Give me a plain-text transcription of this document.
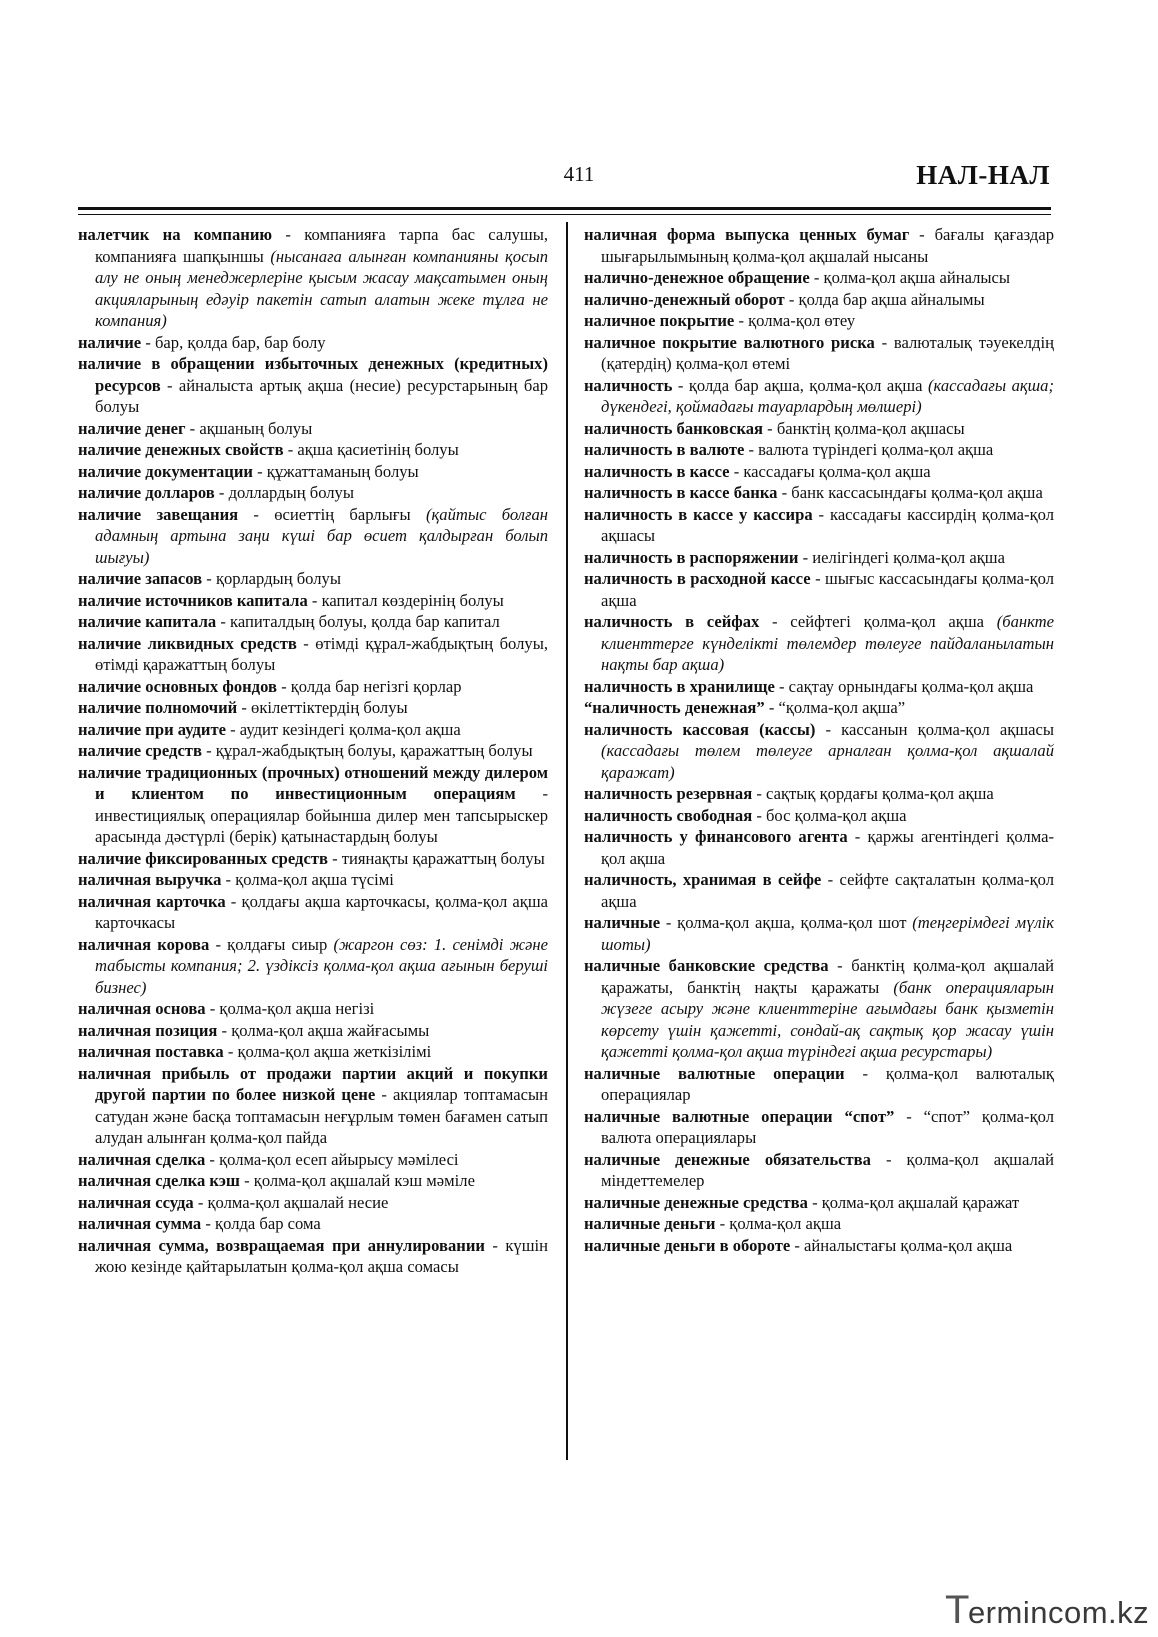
411	НАЛ-НАЛ

налетчик на компанию - компанияға тарпа бас салушы, компанияға шапқыншы (нысанаға алынған компанияны қосып алу не оның менеджерлеріне қысым жасау мақсатымен оның акцияларының едәуір пакетін сатып алатын жеке тұлға не компания)

наличие - бар, қолда бар, бар болу

наличие в обращении избыточных денежных (кредитных) ресурсов - айналыста артық ақша (несие) ресурстарының бар болуы

наличие денег - ақшаның болуы

наличие денежных свойств - ақша қасиетінің болуы

наличие документации - құжаттаманың болуы

наличие долларов - доллардың болуы

наличие завещания - өсиеттің барлығы (қайтыс болған адамның артына заңи күші бар өсиет қалдырған болып шығуы)

наличие запасов - қорлардың болуы

наличие источников капитала - капитал көздерінің болуы

наличие капитала - капиталдың болуы, қолда бар капитал

наличие ликвидных средств - өтімді құрал-жабдықтың болуы, өтімді қаражаттың болуы

наличие основных фондов - қолда бар негізгі қорлар

наличие полномочий - өкілеттіктердің болуы

наличие при аудите - аудит кезіндегі қолма-қол ақша

наличие средств - құрал-жабдықтың болуы, қаражаттың болуы

наличие традиционных (прочных) отношений между дилером и клиентом по инвестиционным операциям - инвестициялық операциялар бойынша дилер мен тапсырыскер арасында дәстүрлі (берік) қатынастардың болуы

наличие фиксированных средств - тиянақты қаражаттың болуы

наличная выручка - қолма-қол ақша түсімі

наличная карточка - қолдағы ақша карточкасы, қолма-қол ақша карточкасы

наличная корова - қолдағы сиыр (жаргон сөз: 1. сенімді және табысты компания; 2. үздіксіз қолма-қол ақша ағынын беруші бизнес)

наличная основа - қолма-қол ақша негізі

наличная позиция - қолма-қол ақша жайғасымы

наличная поставка - қолма-қол ақша жеткізілімі

наличная прибыль от продажи партии акций и покупки другой партии по более низкой цене - акциялар топтамасын сатудан және басқа топтамасын неғұрлым төмен бағамен сатып алудан алынған қолма-қол пайда

наличная сделка - қолма-қол есеп айырысу мәмілесі

наличная сделка кэш - қолма-қол ақшалай кэш мәміле

наличная ссуда - қолма-қол ақшалай несие

наличная сумма - қолда бар сома

наличная сумма, возвращаемая при аннулировании - күшін жою кезінде қайтарылатын қолма-қол ақша сомасы

наличная форма выпуска ценных бумаг - бағалы қағаздар шығарылымының қолма-қол ақшалай нысаны

налично-денежное обращение - қолма-қол ақша айналысы

налично-денежный оборот - қолда бар ақша айналымы

наличное покрытие - қолма-қол өтеу

наличное покрытие валютного риска - валюталық тәуекелдің (қатердің) қолма-қол өтемі

наличность - қолда бар ақша, қолма-қол ақша (кассадағы ақша; дүкендегі, қоймадағы тауарлардың мөлшері)

наличность банковская - банктің қолма-қол ақшасы

наличность в валюте - валюта түріндегі қолма-қол ақша

наличность в кассе - кассадағы қолма-қол ақша

наличность в кассе банка - банк кассасындағы қолма-қол ақша

наличность в кассе у кассира - кассадағы кассирдің қолма-қол ақшасы

наличность в распоряжении - иелігіндегі қолма-қол ақша

наличность в расходной кассе - шығыс кассасындағы қолма-қол ақша

наличность в сейфах - сейфтегі қолма-қол ақша (банкте клиенттерге күнделікті төлемдер төлеуге пайдаланылатын нақты бар ақша)

наличность в хранилище - сақтау орнындағы қолма-қол ақша

“наличность денежная” - “қолма-қол ақша”

наличность кассовая (кассы) - кассанын қолма-қол ақшасы (кассадағы төлем төлеуге арналған қолма-қол ақшалай қаражат)

наличность резервная - сақтық қордағы қолма-қол ақша

наличность свободная - бос қолма-қол ақша

наличность у финансового агента - қаржы агентіндегі қолма-қол ақша

наличность, хранимая в сейфе - сейфте сақталатын қолма-қол ақша

наличные - қолма-қол ақша, қолма-қол шот (теңгерімдегі мүлік шоты)

наличные банковские средства - банктің қолма-қол ақшалай қаражаты, банктің нақты қаражаты (банк операцияларын жүзеге асыру және клиенттеріне ағымдағы банк қызметін көрсету үшін қажетті, сондай-ақ сақтық қор жасау үшін қажетті қолма-қол ақша түріндегі ақша ресурстары)

наличные валютные операции - қолма-қол валюталық операциялар

наличные валютные операции “спот” - “спот” қолма-қол валюта операциялары

наличные денежные обязательства - қолма-қол ақшалай міндеттемелер

наличные денежные средства - қолма-қол ақшалай қаражат

наличные деньги - қолма-қол ақша

наличные деньги в обороте - айналыстағы қолма-қол ақша

Termincom.kz
